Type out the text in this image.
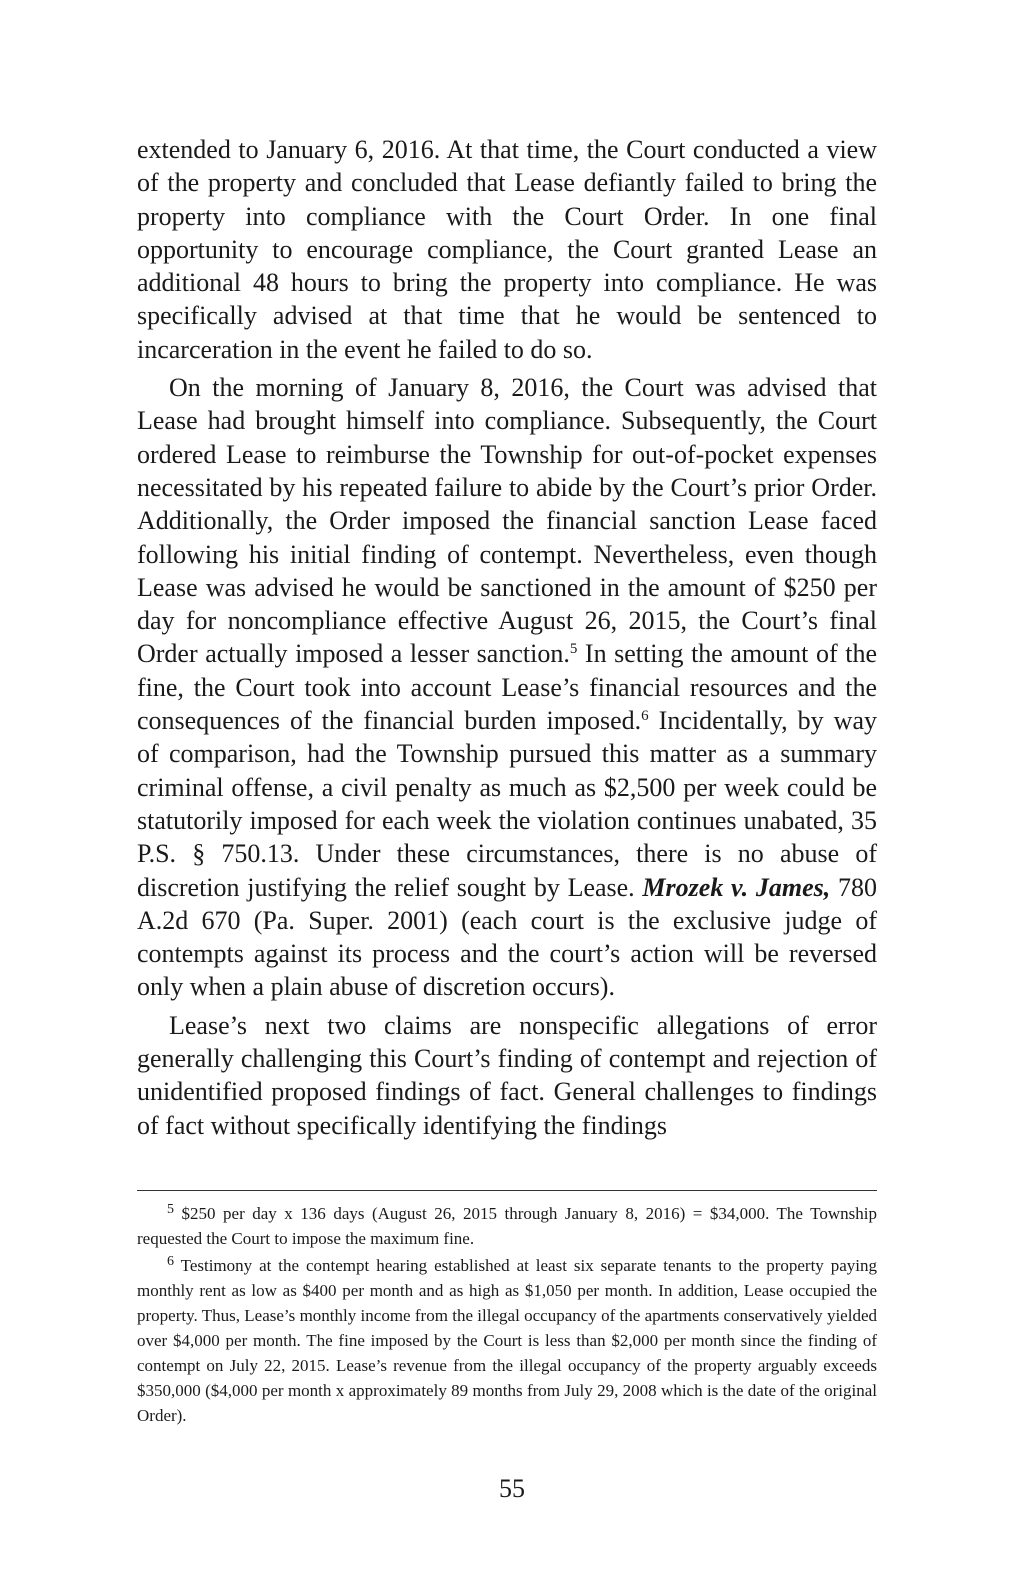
extended to January 6, 2016. At that time, the Court conducted a view of the property and concluded that Lease defiantly failed to bring the property into compliance with the Court Order. In one final opportunity to encourage compliance, the Court granted Lease an additional 48 hours to bring the property into compliance. He was specifically advised at that time that he would be sentenced to incarceration in the event he failed to do so.

On the morning of January 8, 2016, the Court was advised that Lease had brought himself into compliance. Subsequently, the Court ordered Lease to reimburse the Township for out-of-pocket expenses necessitated by his repeated failure to abide by the Court’s prior Order. Additionally, the Order imposed the financial sanction Lease faced following his initial finding of contempt. Nevertheless, even though Lease was advised he would be sanctioned in the amount of $250 per day for noncompliance effective August 26, 2015, the Court’s final Order actually imposed a lesser sanction.$^5$ In setting the amount of the fine, the Court took into account Lease’s financial resources and the consequences of the financial burden imposed.$^6$ Incidentally, by way of comparison, had the Township pursued this matter as a summary criminal offense, a civil penalty as much as $2,500 per week could be statutorily imposed for each week the violation continues unabated, 35 P.S. § 750.13. Under these circumstances, there is no abuse of discretion justifying the relief sought by Lease. Mrozek v. James, 780 A.2d 670 (Pa. Super. 2001) (each court is the exclusive judge of contempts against its process and the court’s action will be reversed only when a plain abuse of discretion occurs).

Lease’s next two claims are nonspecific allegations of error generally challenging this Court’s finding of contempt and rejection of unidentified proposed findings of fact. General challenges to findings of fact without specifically identifying the findings

$^5$ $250 per day x 136 days (August 26, 2015 through January 8, 2016) = $34,000. The Township requested the Court to impose the maximum fine.

$^6$ Testimony at the contempt hearing established at least six separate tenants to the property paying monthly rent as low as $400 per month and as high as $1,050 per month. In addition, Lease occupied the property. Thus, Lease’s monthly income from the illegal occupancy of the apartments conservatively yielded over $4,000 per month. The fine imposed by the Court is less than $2,000 per month since the finding of contempt on July 22, 2015. Lease’s revenue from the illegal occupancy of the property arguably exceeds $350,000 ($4,000 per month x approximately 89 months from July 29, 2008 which is the date of the original Order).

55
